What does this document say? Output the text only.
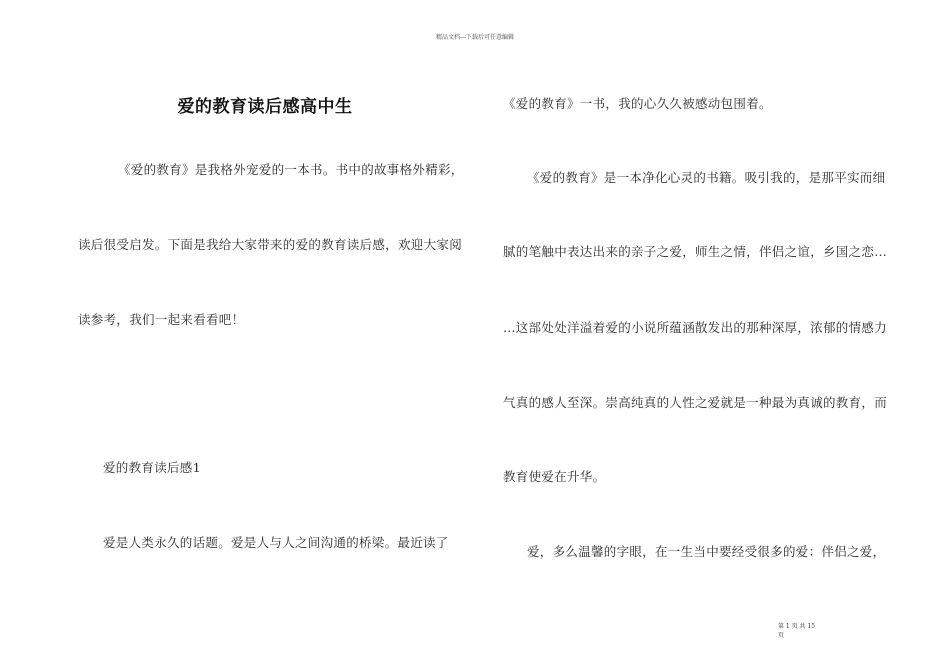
精品文档---下载后可任意编辑
爱的教育读后感高中生
《爱的教育》是我格外宠爱的一本书。书中的故事格外精彩，
读后很受启发。下面是我给大家带来的爱的教育读后感，欢迎大家阅
读参考，我们一起来看看吧！
爱的教育读后感1
爱是人类永久的话题。爱是人与人之间沟通的桥梁。最近读了
《爱的教育》一书，我的心久久被感动包围着。
《爱的教育》是一本净化心灵的书籍。吸引我的，是那平实而细
腻的笔触中表达出来的亲子之爱，师生之情，伴侣之谊，乡国之恋…
…这部处处洋溢着爱的小说所蕴涵散发出的那种深厚，浓郁的情感力
气真的感人至深。崇高纯真的人性之爱就是一种最为真诚的教育，而
教育使爱在升华。
爱，多么温馨的字眼，在一生当中要经受很多的爱：伴侣之爱，
第 1 页 共 15
页
